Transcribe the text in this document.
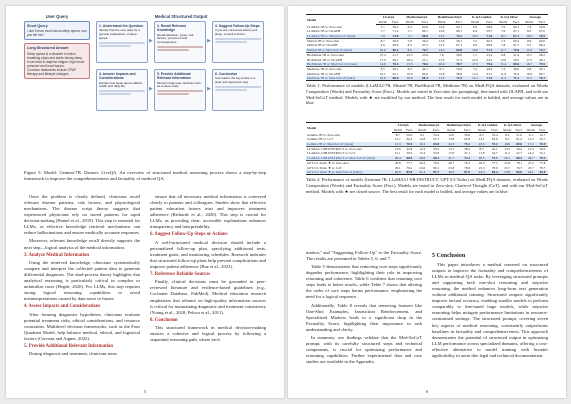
User Query
Short Query
I don't know much about sleep apnea, can you tell me?
Long Structured Answer
Sleep apnea is a disorder in which breathing stops and starts during sleep.
It can lead to daytime fatigue, high blood pressure and heart issues.
Common treatments include CPAP therapy and lifestyle changes.
Medical Structured Output
1. Understand the Question
Identify that the user asks for a general explanation of sleep apnea.
2. Recall Relevant Knowledge
Recall definition, types, risk factors, symptoms and consequences.
3. Suggest Follow-Up Steps
If you are concerned about your sleep, consult a doctor.
4. Answer Impacts and Considerations
Explain how sleep apnea affects health and daily life.
5. Provide Additional Relevant Information
Mention diagnosis methods such as a sleep study.
6. Conclusion
Summarize the key points in a clear and supportive way.
▶	▶
▶	▶
Figure 5: Model: Gemma-7B, Dataset: LiveQA. An overview of structured medical reasoning process shows a step-by-step framework to improve the comprehensiveness and factuality of medical QA.

Once the problem is clearly defined, clinicians recall relevant disease patterns, risk factors, and physiological mechanisms. The disease script theory suggests that experienced physicians rely on stored patterns for rapid decision-making (Hamel et al., 2019). This step is essential for LLMs, as effective knowledge retrieval mechanisms can reduce hallucinations and ensure medically accurate responses.

Moreover, relevant knowledge recall directly supports the next step—logical analysis of the medical information.

3. Analyze Medical Information

Using the retrieved knowledge, clinicians systematically compare and interpret the collected patient data to generate differential diagnoses. The dual-process theory highlights that analytical reasoning is particularly critical in complex or unfamiliar cases (Hegde, 2020). For LLMs, this step requires strong logical reasoning capabilities to avoid misinterpretations caused by data noise or biases.

4. Assess Impacts and Considerations

After forming diagnostic hypotheses, clinicians evaluate potential treatment risks, ethical considerations, and resource constraints. Multilevel decision frameworks, such as the Four Quadrant Model, help balance medical, ethical, and logistical factors (Cerveau and Aigner, 2022).

5. Provide Additional Relevant Information

During diagnosis and treatment, clinicians must

ensure that all necessary medical information is conveyed clearly to patients and colleagues. Studies show that effective patient education fosters trust and improves treatment adherence (Richards et al., 2020). This step is crucial for LLMs, as providing clear, accessible explanations enhances transparency and interpretability.

6. Suggest Follow-Up Steps or Actions

A well-structured medical decision should include a personalized follow-up plan, specifying additional tests, treatment goals, and monitoring schedules. Research indicates that structured follow-up plans help prevent complications and improve patient adherence (Buz et al., 2023).

7. Reference Reliable Sources

Finally, clinical decisions must be grounded in peer-reviewed literature and evidence-based guidelines (e.g., Cochrane Database, PubMed). Medical education research emphasizes that reliance on high-quality information sources is critical for maintaining diagnostic and treatment consistency (Young et al., 2020; Peluca et al., 2011).

8. Conclusion

This structured framework in medical decision-making ensures a cohesive and logical process by following a sequential reasoning path, where each

5
Model	LiveQA		MedicationQA		HealthSearchQA		K-QA Golden		K-QA Silver		Average	
	Words	Fact.	Words	Fact.	Words	Fact.	Words	Fact.	Words	Fact.	Words	Fact.
LLaMA2-7B w/ Zero-shot	7.1	58.2	6.4	60.8	12.0	62.1	6.9	58.0	7.0	60.1	7.9	59.8
LLaMA2-7B w/ OLAPH	7.7	71.2	7.1	69.1	12.6	68.1	6.4	59.7	7.9	67.1	8.3	67.0
LLaMA2-7B w/ Med-SoCoT (Ours)	7.9	74.8	7.1	68.6	13.2	73.2	10.5	71.6	12.1	67.1	10.2	70.9
Mistral-7B w/ Zero-shot	8.7	59.0	7.8	56.4	13.6	58.1	7.2	66.3	7.3	60.4	8.9	60.0
Mistral-7B w/ OLAPH	9.0	66.9	8.3	67.5	13.5	67.3	6.9	68.6	7.8	61.7	9.1	66.4
Mistral-7B w/ Med-SoCoT (Ours)	10.6	86.2	8.2	70.7	14.5	69.8	10.0	71.2	11.7	70.6	11.0	73.7
BioMistral-7B w/ Zero-shot	27.4	21.7	25.5	23.9	7.8	50.0	7.1	23.4	0.8	21.9	13.7	28.2
BioMistral-7B w/ OLAPH	17.9	69.1	20.4	23.1	13.5	57.5	21.6	24.5	13.9	56.5	17.5	46.1
BioMistral-7B w/ Med-SoCoT (Ours)	14.9	70.3	15.5	70.6	20.0	78.7	17.5	79.6	15.4	80.6	16.7	75.9
Meditron-7B w/ Zero-shot	6.5	49.1	6.3	49.1	6.5	54.8	7.4	49.6	7.3	48.0	6.8	50.1
Meditron-7B w/ OLAPH	10.1	62.1	10.0	60.0	10.8	58.8	11.6	63.1	11.9	59.4	10.9	60.7
Meditron-7B w/ Med-SoCoT (Ours)	10.6	68.0	10.0	68.4	11.9	72.4	12.1	71.5	11.4	71.2	11.2	70.3
Table 1: Performance of models (LLaMA2-7B, Mistral-7B, BioMistral-7B, Meditron-7B) on MedLFQA datasets, evaluated on Words Composition (Words) and Factuality Score (Fact.). Models are tested in Zero-shot (no prompting), fine-tuned with OLAPH, and with our Med-SoCoT method. Models with ★ are modified by our method. The best result for each model is bolded, and average values are in blue.
Model	LiveQA		MedicationQA		HealthSearchQA		K-QA Golden		K-QA Silver		Average	
	Words	Fact.	Words	Fact.	Words	Fact.	Words	Fact.	Words	Fact.	Words	Fact.
Gemma-7B w/ Zero-shot	8.7	50.0	8.1	52.4	12.0	56.9	8.5	53.4	8.2	51.0	9.1	52.7
Gemma-7B w/ CoT	12.7	60.4	12.8	65.7	13.9	62.8	13.1	63.0	8.5	61.4	12.2	62.7
Gemma-7B w/ Med-SoCoT (Ours)	15.3	70.9	10.1	65.8	22.3	75.2	22.3	73.1	16.0	69.6	17.2	70.9
LLaMA3-1-8B-INSTRUCT w/ Zero-shot	13.9	42.8	12.3	29.5	13.7	38.2	8.5	45.1	13.3	39.4	12.3	39.0
LLaMA3-1-8B-INSTRUCT w/ CoT	15.1	50.6	13.4	55.6	17.0	47.1	13.8	54.7	11.5	52.7	14.2	52.1
LLaMA3-1-8B-INSTRUCT w/ Med-SoCoT (Ours)	20.4	68.9	20.6	68.1	21.7	74.1	20.5	72.1	20.1	68.4	20.7	70.3
GPT-3.5-Turbo ★ w/ Zero-shot	28.8	77.7	26.2	79.2	28.7	76.3	26.3	77.5	25.8	78.1	27.2	77.8
GPT-3.5-Turbo ★ w/ CoT	29.1	79.2	24.6	80.1	25.8	78.8	23.3	78.6	25.7	76.7	25.7	78.7
GPT-3.5-Turbo ★ w/ Med-SoCoT (Ours)	20.9	85.0	21.3	87.7	30.3	87.0	24.3	84.4	23.8	84.8	24.1	85.8
Table 2: Performance of models (Gemma-7B, LLaMA3.1-8B-INSTRUCT, GPT-3.5-Turbo) on MedLFQA datasets, evaluated on Words Composition (Words) and Factuality Score (Fact.). Models are tested in Zero-shot, Chain-of-Thought (CoT), and with our Med-SoCoT method. Models with ★ are closed source. The best result for each model is bolded, and average values are in blue.

mation," and "Suggesting Follow-Up" to the Factuality Score. The results are presented in Tables 5, 6, and 7.

Table 5 demonstrates that removing core steps significantly degrades performance, highlighting their role in improving reasoning and coherence. Table 6 confirms that retaining core steps leads to better results, while Table 7 shows that altering the order of core steps harms performance, emphasizing the need for a logical sequence.

Additionally, Table 8 reveals that removing features like One-Shot Examples, Instruction Reinforcement, and Specialized Markers leads to a significant drop in the Factuality Score, highlighting their importance in task understanding and clarity.

In summary, our findings validate that the Med-SoCoT prompt, with its carefully structured steps and technical components, is crucial for optimizing performance and reasoning capabilities. Further experimental data and case studies are available in the Appendix.

5 Conclusion

This paper introduces a method centered on structured outputs to improve the factuality and comprehensiveness of LLMs in medical QA tasks. By leveraging structured prompts and supporting both one-shot reasoning and stepwise reasoning, the method enhances long-form text generation without additional training. Structured outputs significantly improve factual accuracy, enabling smaller models to perform comparably to fine-tuned large models, while stepwise reasoning helps mitigate performance limitations in resource-constrained settings. The structured prompt, covering seven key aspects of medical reasoning, consistently outperforms baselines in factuality and comprehensiveness. This approach demonstrates the potential of structured output in optimizing LLM performance across specialized domains, offering a cost-effective alternative to model training with broader applicability in areas like legal and technical documentation.

6
